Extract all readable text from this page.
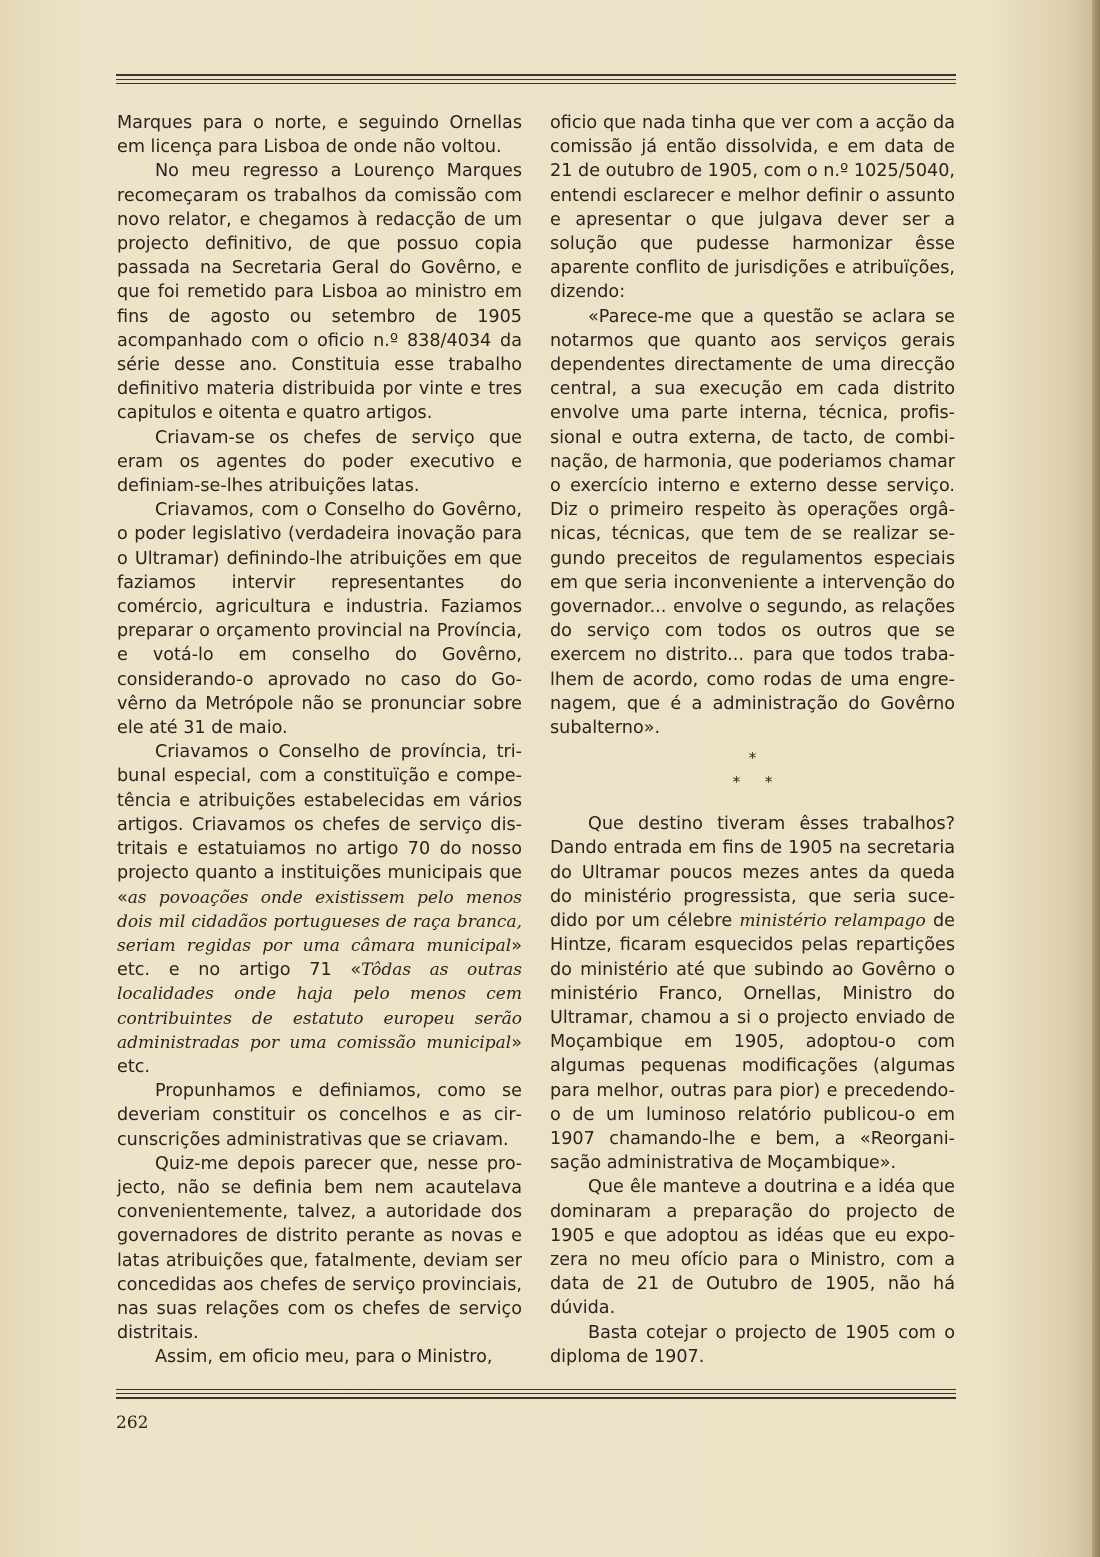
Marques para o norte, e seguindo Ornellas em licença para Lisboa de onde não voltou.

No meu regresso a Lourenço Marques recomeçaram os trabalhos da comissão com novo relator, e chegamos à redacção de um projecto definitivo, de que possuo copia passada na Secretaria Geral do Govêrno, e que foi remetido para Lisboa ao ministro em fins de agosto ou setembro de 1905 acompanhado com o oficio n.º 838/4034 da série desse ano. Constituia esse trabalho definitivo materia distribuida por vinte e tres capitulos e oitenta e quatro artigos.

Criavam-se os chefes de serviço que eram os agentes do poder executivo e definiam-se-lhes atribuições latas.

Criavamos, com o Conselho do Govêrno, o poder legislativo (verdadeira inovação para o Ultramar) definindo-lhe atribuições em que faziamos intervir representantes do comércio, agricultura e industria. Faziamos preparar o orçamento provincial na Província, e votá-lo em conselho do Govêrno, considerando-o aprovado no caso do Govêrno da Metrópole não se pronunciar sobre ele até 31 de maio.

Criavamos o Conselho de província, tribunal especial, com a constituïção e competência e atribuições estabelecidas em vários artigos. Criavamos os chefes de serviço distritais e estatuiamos no artigo 70 do nosso projecto quanto a instituições municipais que «as povoações onde existissem pelo menos dois mil cidadãos portugueses de raça branca, seriam regidas por uma câmara municipal» etc. e no artigo 71 «Tôdas as outras localidades onde haja pelo menos cem contribuintes de estatuto europeu serão administradas por uma comissão municipal» etc.

Propunhamos e definiamos, como se deveriam constituir os concelhos e as circunscrições administrativas que se criavam.

Quiz-me depois parecer que, nesse projecto, não se definia bem nem acautelava convenientemente, talvez, a autoridade dos governadores de distrito perante as novas e latas atribuições que, fatalmente, deviam ser concedidas aos chefes de serviço provinciais, nas suas relações com os chefes de serviço distritais.

Assim, em oficio meu, para o Ministro,

oficio que nada tinha que ver com a acção da comissão já então dissolvida, e em data de 21 de outubro de 1905, com o n.º 1025/5040, entendi esclarecer e melhor definir o assunto e apresentar o que julgava dever ser a solução que pudesse harmonizar êsse aparente conflito de jurisdições e atribuïções, dizendo:

«Parece-me que a questão se aclara se notarmos que quanto aos serviços gerais dependentes directamente de uma direcção central, a sua execução em cada distrito envolve uma parte interna, técnica, profissional e outra externa, de tacto, de combinação, de harmonia, que poderiamos chamar o exercício interno e externo desse serviço. Diz o primeiro respeito às operações orgânicas, técnicas, que tem de se realizar segundo preceitos de regulamentos especiais em que seria inconveniente a intervenção do governador... envolve o segundo, as relações do serviço com todos os outros que se exercem no distrito... para que todos trabalhem de acordo, como rodas de uma engrenagem, que é a administração do Govêrno subalterno».

*
* *

Que destino tiveram êsses trabalhos? Dando entrada em fins de 1905 na secretaria do Ultramar poucos mezes antes da queda do ministério progressista, que seria sucedido por um célebre ministério relampago de Hintze, ficaram esquecidos pelas repartições do ministério até que subindo ao Govêrno o ministério Franco, Ornellas, Ministro do Ultramar, chamou a si o projecto enviado de Moçambique em 1905, adoptou-o com algumas pequenas modificações (algumas para melhor, outras para pior) e precedendo-o de um luminoso relatório publicou-o em 1907 chamando-lhe e bem, a «Reorganisação administrativa de Moçambique».

Que êle manteve a doutrina e a idéa que dominaram a preparação do projecto de 1905 e que adoptou as idéas que eu expozera no meu ofício para o Ministro, com a data de 21 de Outubro de 1905, não há dúvida.

Basta cotejar o projecto de 1905 com o diploma de 1907.

262
